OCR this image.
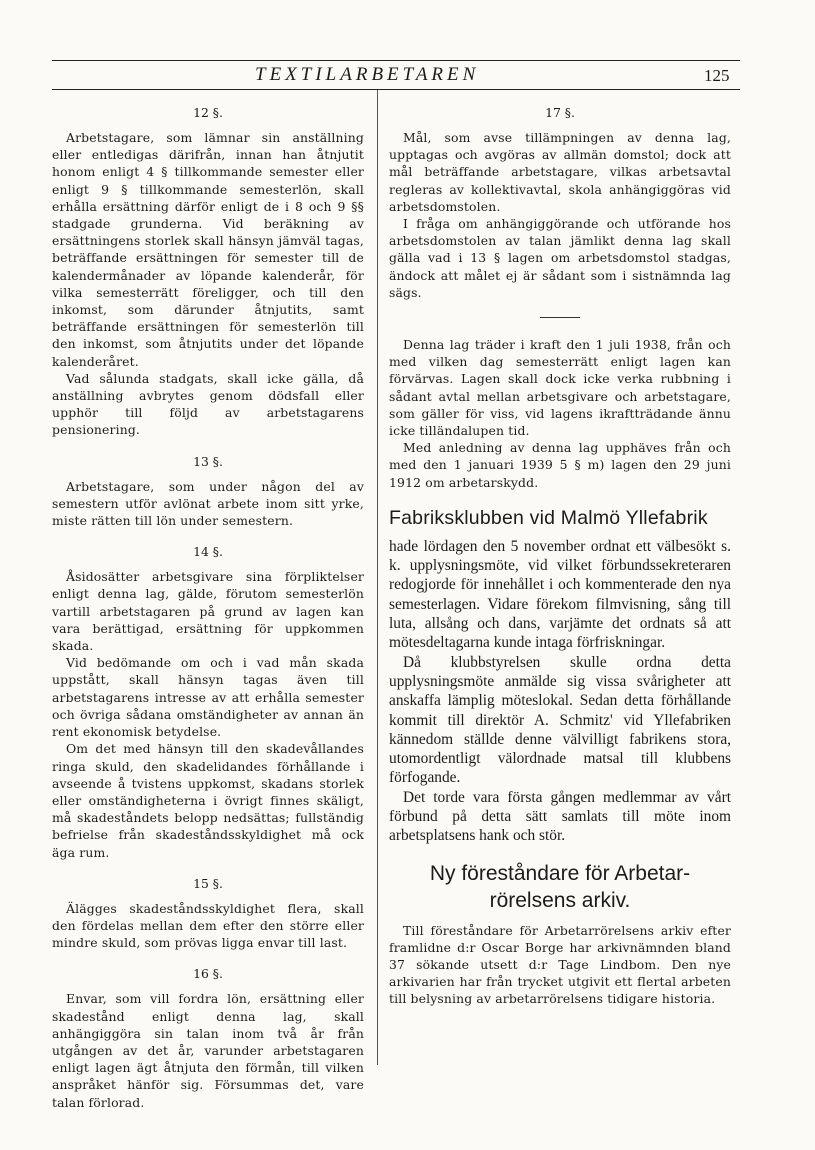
TEXTILARBETAREN	125
12 §.

Arbetstagare, som lämnar sin anställning eller entledigas därifrån, innan han åtnjutit honom enligt 4 § tillkommande semester eller enligt 9 § tillkommande semesterlön, skall erhålla ersättning därför enligt de i 8 och 9 §§ stadgade grunderna. Vid beräkning av ersättningens storlek skall hänsyn jämväl tagas, beträffande ersättningen för semester till de kalendermånader av löpande kalenderår, för vilka semesterrätt föreligger, och till den inkomst, som därunder åtnjutits, samt beträffande ersättningen för semesterlön till den inkomst, som åtnjutits under det löpande kalenderåret.

Vad sålunda stadgats, skall icke gälla, då anställning avbrytes genom dödsfall eller upphör till följd av arbetstagarens pensionering.

13 §.

Arbetstagare, som under någon del av semestern utför avlönat arbete inom sitt yrke, miste rätten till lön under semestern.

14 §.

Åsidosätter arbetsgivare sina förpliktelser enligt denna lag, gälde, förutom semesterlön vartill arbetstagaren på grund av lagen kan vara berättigad, ersättning för uppkommen skada.

Vid bedömande om och i vad mån skada uppstått, skall hänsyn tagas även till arbetstagarens intresse av att erhålla semester och övriga sådana omständigheter av annan än rent ekonomisk betydelse.

Om det med hänsyn till den skadevållandes ringa skuld, den skadelidandes förhållande i avseende å tvistens uppkomst, skadans storlek eller omständigheterna i övrigt finnes skäligt, må skadeståndets belopp nedsättas; fullständig befrielse från skadeståndsskyldighet må ock äga rum.

15 §.

Älägges skadeståndsskyldighet flera, skall den fördelas mellan dem efter den större eller mindre skuld, som prövas ligga envar till last.

16 §.

Envar, som vill fordra lön, ersättning eller skadestånd enligt denna lag, skall anhängiggöra sin talan inom två år från utgången av det år, varunder arbetstagaren enligt lagen ägt åtnjuta den förmån, till vilken anspråket hänför sig. Försummas det, vare talan förlorad.

17 §.

Mål, som avse tillämpningen av denna lag, upptagas och avgöras av allmän domstol; dock att mål beträffande arbetstagare, vilkas arbetsavtal regleras av kollektivavtal, skola anhängiggöras vid arbetsdomstolen.

I fråga om anhängiggörande och utförande hos arbetsdomstolen av talan jämlikt denna lag skall gälla vad i 13 § lagen om arbetsdomstol stadgas, ändock att målet ej är sådant som i sistnämnda lag sägs.

Denna lag träder i kraft den 1 juli 1938, från och med vilken dag semesterrätt enligt lagen kan förvärvas. Lagen skall dock icke verka rubbning i sådant avtal mellan arbetsgivare och arbetstagare, som gäller för viss, vid lagens ikraftträdande ännu icke tilländalupen tid.

Med anledning av denna lag upphäves från och med den 1 januari 1939 5 § m) lagen den 29 juni 1912 om arbetarskydd.

Fabriksklubben vid Malmö Yllefabrik

hade lördagen den 5 november ordnat ett välbesökt s. k. upplysningsmöte, vid vilket förbundssekreteraren redogjorde för innehållet i och kommenterade den nya semesterlagen. Vidare förekom filmvisning, sång till luta, allsång och dans, varjämte det ordnats så att mötesdeltagarna kunde intaga förfriskningar.

Då klubbstyrelsen skulle ordna detta upplysningsmöte anmälde sig vissa svårigheter att anskaffa lämplig möteslokal. Sedan detta förhållande kommit till direktör A. Schmitz' vid Yllefabriken kännedom ställde denne välvilligt fabrikens stora, utomordentligt välordnade matsal till klubbens förfogande.

Det torde vara första gången medlemmar av vårt förbund på detta sätt samlats till möte inom arbetsplatsens hank och stör.

Ny föreståndare för Arbetar-
rörelsens arkiv.

Till föreståndare för Arbetarrörelsens arkiv efter framlidne d:r Oscar Borge har arkivnämnden bland 37 sökande utsett d:r Tage Lindbom. Den nye arkivarien har från trycket utgivit ett flertal arbeten till belysning av arbetarrörelsens tidigare historia.
